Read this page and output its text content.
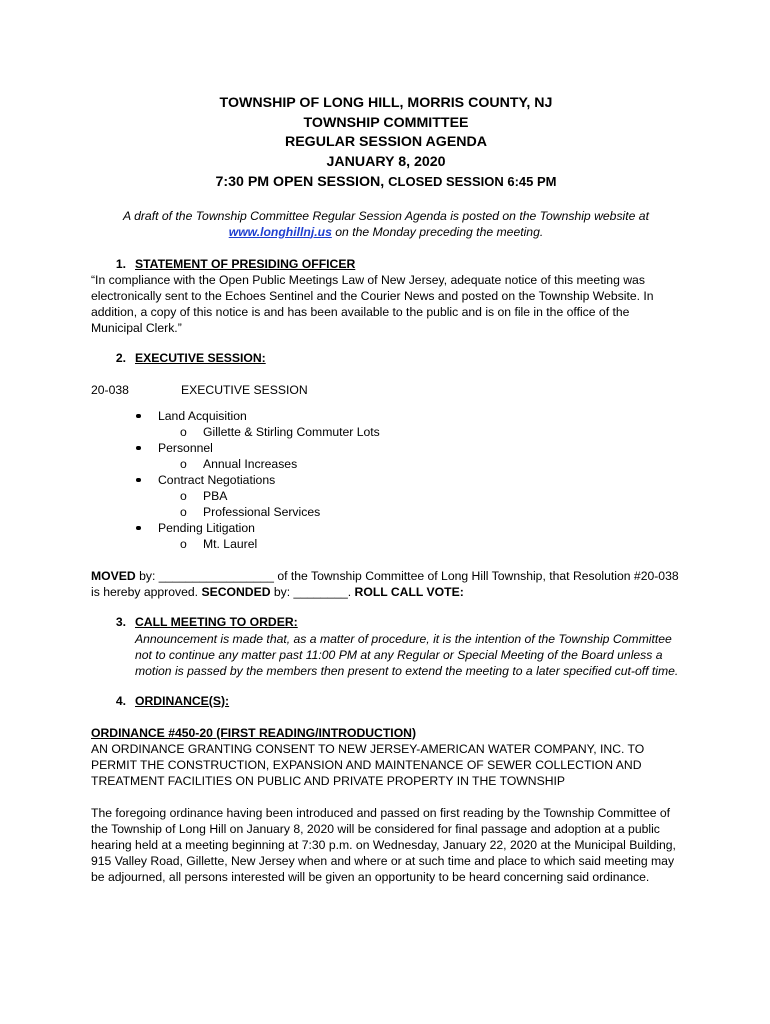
TOWNSHIP OF LONG HILL, MORRIS COUNTY, NJ
TOWNSHIP COMMITTEE
REGULAR SESSION AGENDA
JANUARY 8, 2020
7:30 PM OPEN SESSION, CLOSED SESSION 6:45 PM
A draft of the Township Committee Regular Session Agenda is posted on the Township website at
www.longhillnj.us on the Monday preceding the meeting.
1. STATEMENT OF PRESIDING OFFICER

“In compliance with the Open Public Meetings Law of New Jersey, adequate notice of this meeting was electronically sent to the Echoes Sentinel and the Courier News and posted on the Township Website. In addition, a copy of this notice is and has been available to the public and is on file in the office of the Municipal Clerk.”

2. EXECUTIVE SESSION:
20-038	EXECUTIVE SESSION
Land Acquisition
o Gillette & Stirling Commuter Lots
Personnel
o Annual Increases
Contract Negotiations
o PBA
o Professional Services
Pending Litigation
o Mt. Laurel

MOVED by: _________________ of the Township Committee of Long Hill Township, that Resolution #20-038 is hereby approved. SECONDED by: ________. ROLL CALL VOTE:

3. CALL MEETING TO ORDER:

Announcement is made that, as a matter of procedure, it is the intention of the Township Committee not to continue any matter past 11:00 PM at any Regular or Special Meeting of the Board unless a motion is passed by the members then present to extend the meeting to a later specified cut-off time.

4. ORDINANCE(S):
ORDINANCE #450-20 (FIRST READING/INTRODUCTION)

AN ORDINANCE GRANTING CONSENT TO NEW JERSEY-AMERICAN WATER COMPANY, INC. TO PERMIT THE CONSTRUCTION, EXPANSION AND MAINTENANCE OF SEWER COLLECTION AND TREATMENT FACILITIES ON PUBLIC AND PRIVATE PROPERTY IN THE TOWNSHIP

The foregoing ordinance having been introduced and passed on first reading by the Township Committee of the Township of Long Hill on January 8, 2020 will be considered for final passage and adoption at a public hearing held at a meeting beginning at 7:30 p.m. on Wednesday, January 22, 2020 at the Municipal Building, 915 Valley Road, Gillette, New Jersey when and where or at such time and place to which said meeting may be adjourned, all persons interested will be given an opportunity to be heard concerning said ordinance.
